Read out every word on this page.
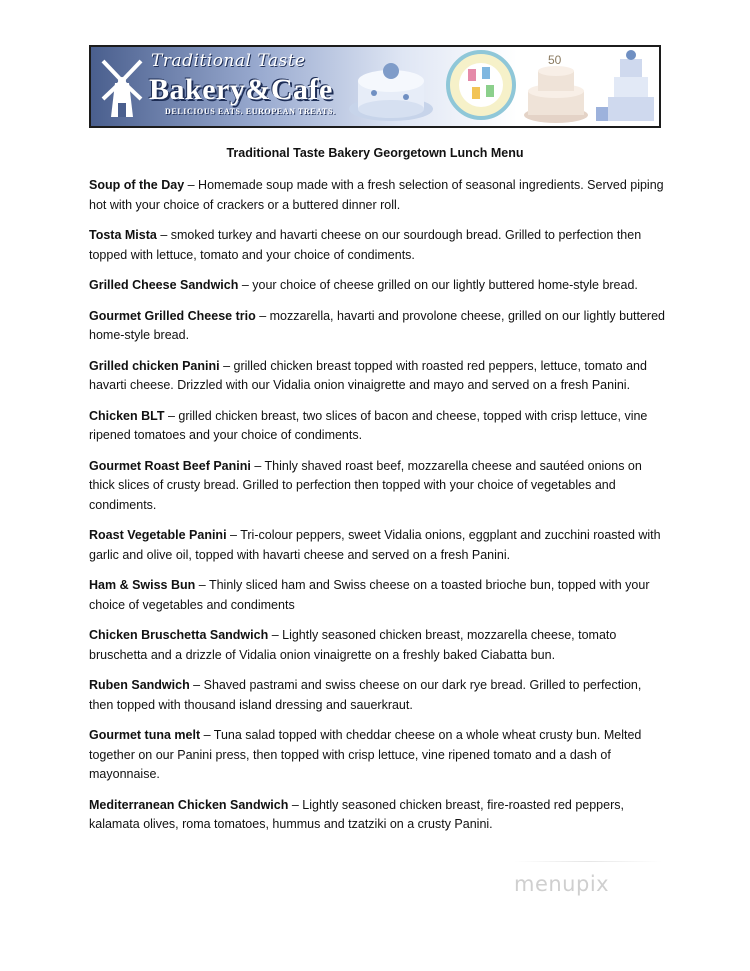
Traditional Taste
Bakery&Cafe
DELICIOUS EATS. EUROPEAN TREATS.
50
Traditional Taste Bakery Georgetown Lunch Menu

Soup of the Day – Homemade soup made with a fresh selection of seasonal ingredients. Served piping hot with your choice of crackers or a buttered dinner roll.

Tosta Mista – smoked turkey and havarti cheese on our sourdough bread. Grilled to perfection then topped with lettuce, tomato and your choice of condiments.

Grilled Cheese Sandwich – your choice of cheese grilled on our lightly buttered home-style bread.

Gourmet Grilled Cheese trio – mozzarella, havarti and provolone cheese, grilled on our lightly buttered home-style bread.

Grilled chicken Panini – grilled chicken breast topped with roasted red peppers, lettuce, tomato and havarti cheese. Drizzled with our Vidalia onion vinaigrette and mayo and served on a fresh Panini.

Chicken BLT – grilled chicken breast, two slices of bacon and cheese, topped with crisp lettuce, vine ripened tomatoes and your choice of condiments.

Gourmet Roast Beef Panini – Thinly shaved roast beef, mozzarella cheese and sautéed onions on thick slices of crusty bread. Grilled to perfection then topped with your choice of vegetables and condiments.

Roast Vegetable Panini – Tri-colour peppers, sweet Vidalia onions, eggplant and zucchini roasted with garlic and olive oil, topped with havarti cheese and served on a fresh Panini.

Ham & Swiss Bun – Thinly sliced ham and Swiss cheese on a toasted brioche bun, topped with your choice of vegetables and condiments

Chicken Bruschetta Sandwich – Lightly seasoned chicken breast, mozzarella cheese, tomato bruschetta and a drizzle of Vidalia onion vinaigrette on a freshly baked Ciabatta bun.

Ruben Sandwich – Shaved pastrami and swiss cheese on our dark rye bread. Grilled to perfection, then topped with thousand island dressing and sauerkraut.

Gourmet tuna melt – Tuna salad topped with cheddar cheese on a whole wheat crusty bun. Melted together on our Panini press, then topped with crisp lettuce, vine ripened tomato and a dash of mayonnaise.

Mediterranean Chicken Sandwich – Lightly seasoned chicken breast, fire-roasted red peppers, kalamata olives, roma tomatoes, hummus and tzatziki on a crusty Panini.

menupix
